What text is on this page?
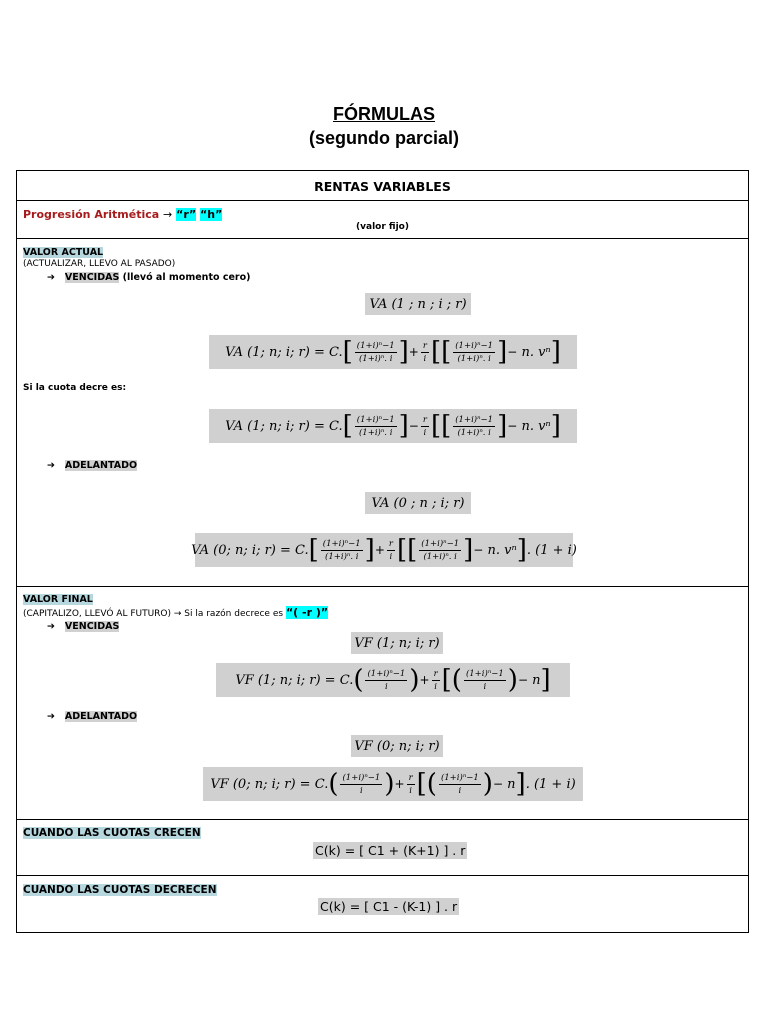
FÓRMULAS
(segundo parcial)
RENTAS VARIABLES
Progresión Aritmética → “r” “h”
(valor fijo)
VALOR ACTUAL
(ACTUALIZAR, LLEVO AL PASADO)
➔ VENCIDAS (llevó al momento cero)
VA (1 ; n ; i ; r)
VA (1; n; i; r) = C. [ $\frac{\text{(1+i)ⁿ−1}}{\text{(1+i)ⁿ. i}}$ ] + $\frac{r}{i}$ [[ $\frac{\text{(1+i)ⁿ−1}}{\text{(1+i)ⁿ. i}}$ ] −
n. vⁿ ]
Si la cuota decre es:
VA (1; n; i; r) = C. [ $\frac{\text{(1+i)ⁿ−1}}{\text{(1+i)ⁿ. i}}$ ] − $\frac{r}{i}$ [[ $\frac{\text{(1+i)ⁿ−1}}{\text{(1+i)ⁿ. i}}$ ] −
n. vⁿ ]
➔ ADELANTADO
VA (0 ; n ; i; r)
VA (0; n; i; r) = C. [ $\frac{\text{(1+i)ⁿ−1}}{\text{(1+i)ⁿ. i}}$ ] + $\frac{r}{i}$ [[ $\frac{\text{(1+i)ⁿ−1}}{\text{(1+i)ⁿ. i}}$ ] −
n. vⁿ ] . (1 + i)
VALOR FINAL
(CAPITALIZO, LLEVÓ AL FUTURO) → Si la razón decrece es “( -r )”
➔ VENCIDAS
VF (1; n; i; r)
VF (1; n; i; r) = C. ( $\frac{\text{(1+i)ⁿ−1}}{i}$ ) + $\frac{r}{i}$ [( $\frac{\text{(1+i)ⁿ−1}}{i}$ ) −
n ]
➔ ADELANTADO
VF (0; n; i; r)
VF (0; n; i; r) = C. ( $\frac{\text{(1+i)ⁿ−1}}{i}$ ) + $\frac{r}{i}$ [( $\frac{\text{(1+i)ⁿ−1}}{i}$ ) −
n ] . (1 + i)
CUANDO LAS CUOTAS CRECEN
C(k) = [ C1 + (K+1) ] . r
CUANDO LAS CUOTAS DECRECEN
C(k) = [ C1 - (K-1) ] . r
